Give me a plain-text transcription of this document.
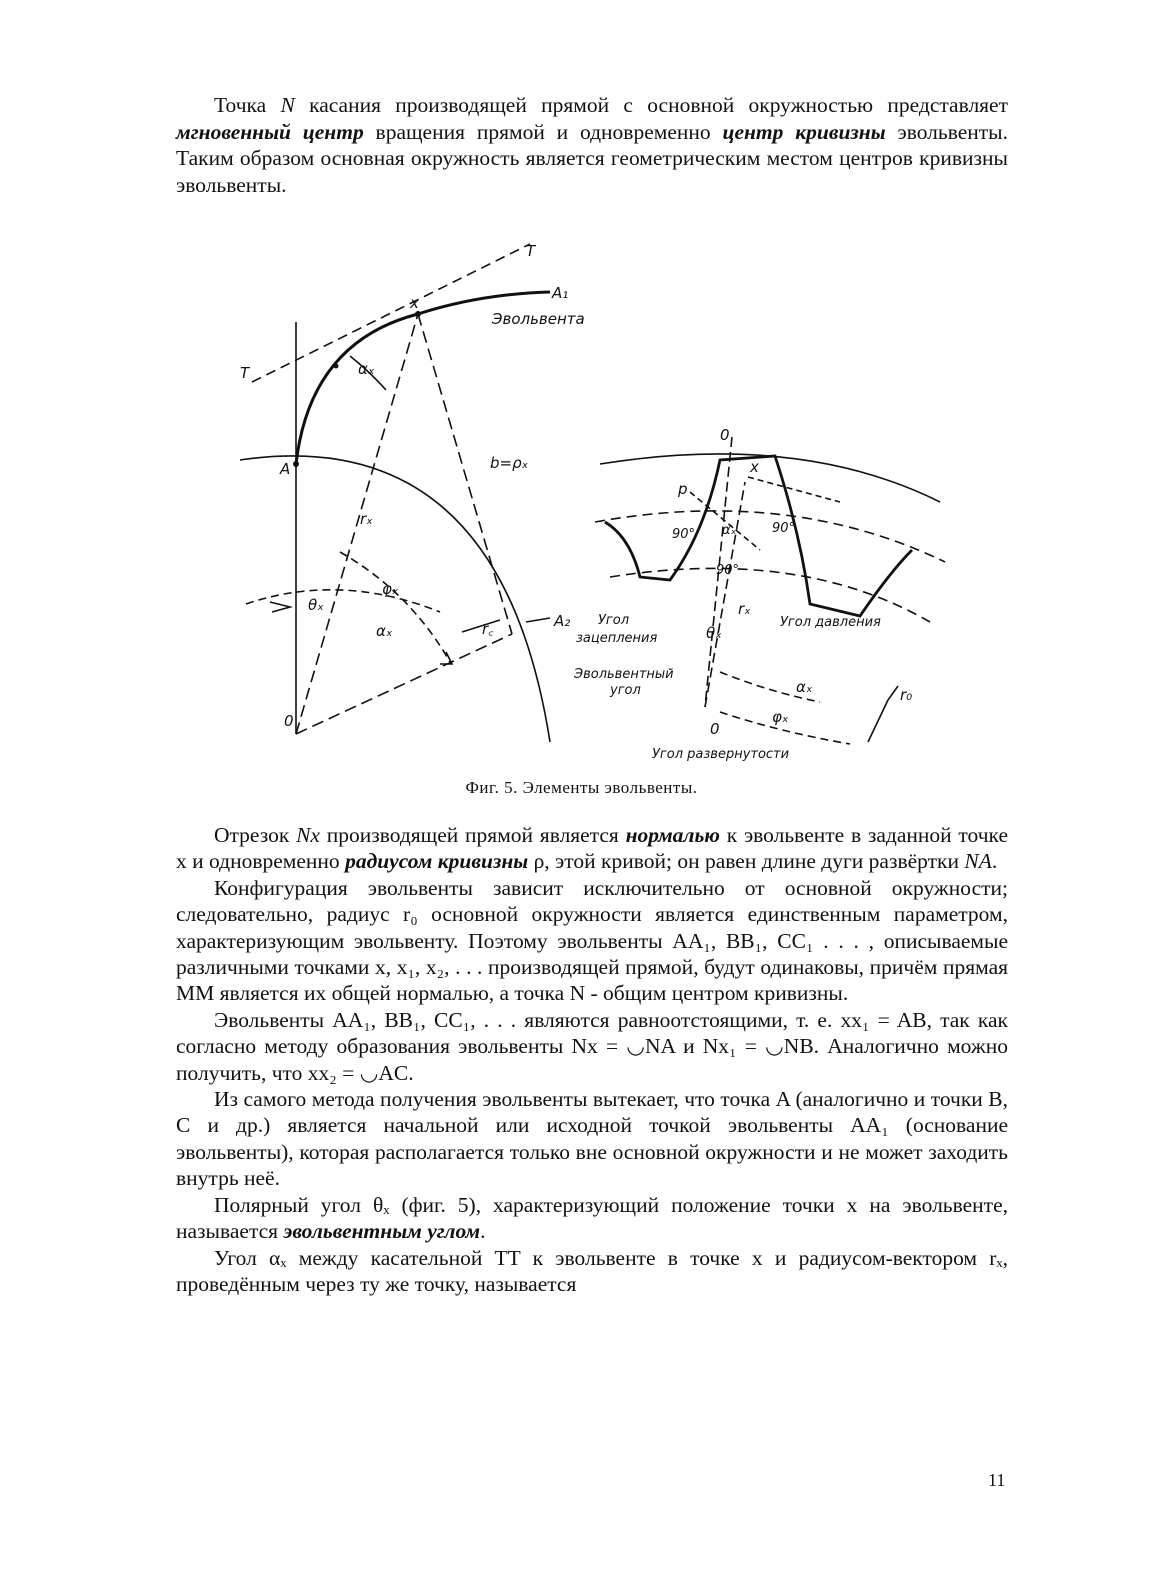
Точка N касания производящей прямой с основной окружностью представляет мгновенный центр вращения прямой и одновременно центр кривизны эвольвенты. Таким образом основная окружность является геометрическим местом центров кривизны эвольвенты.

T
T
x
A₁
Эвольвента
αₓ
A	b=ρₓ
rₓ
θₓ
φₓ
αₓ	r꜀	A₂
0
0
x
p
αₓ
90°	90°
90°
rₓ
θₓ
Угол
зацепления
Угол давления
Эвольвентный
угол
0
αₓ
φₓ
r₀
Угол развернутости
Фиг. 5. Элементы эвольвенты.

Отрезок Nx производящей прямой является нормалью к эвольвенте в заданной точке x и одновременно радиусом кривизны ρ, этой кривой; он равен длине дуги развёртки NA.

Конфигурация эвольвенты зависит исключительно от основной окружности; следовательно, радиус r₀ основной окружности является единственным параметром, характеризующим эвольвенту. Поэтому эвольвенты AA₁, BB₁, CC₁ . . . , описываемые различными точками x, x₁, x₂, . . . производящей прямой, будут одинаковы, причём прямая MM является их общей нормалью, а точка N - общим центром кривизны.

Эвольвенты AA₁, BB₁, CC₁, . . . являются равноотстоящими, т. е. xx₁ = AB, так как согласно методу образования эвольвенты Nx = ◡NA и Nx₁ = ◡NB. Аналогично можно получить, что xx₂ = ◡AC.

Из самого метода получения эвольвенты вытекает, что точка A (аналогично и точки B, C и др.) является начальной или исходной точкой эвольвенты AA₁ (основание эвольвенты), которая располагается только вне основной окружности и не может заходить внутрь неё.

Полярный угол θₓ (фиг. 5), характеризующий положение точки x на эвольвенте, называется эвольвентным углом.

Угол αₓ между касательной TT к эвольвенте в точке x и радиусом-вектором rₓ, проведённым через ту же точку, называется

11
